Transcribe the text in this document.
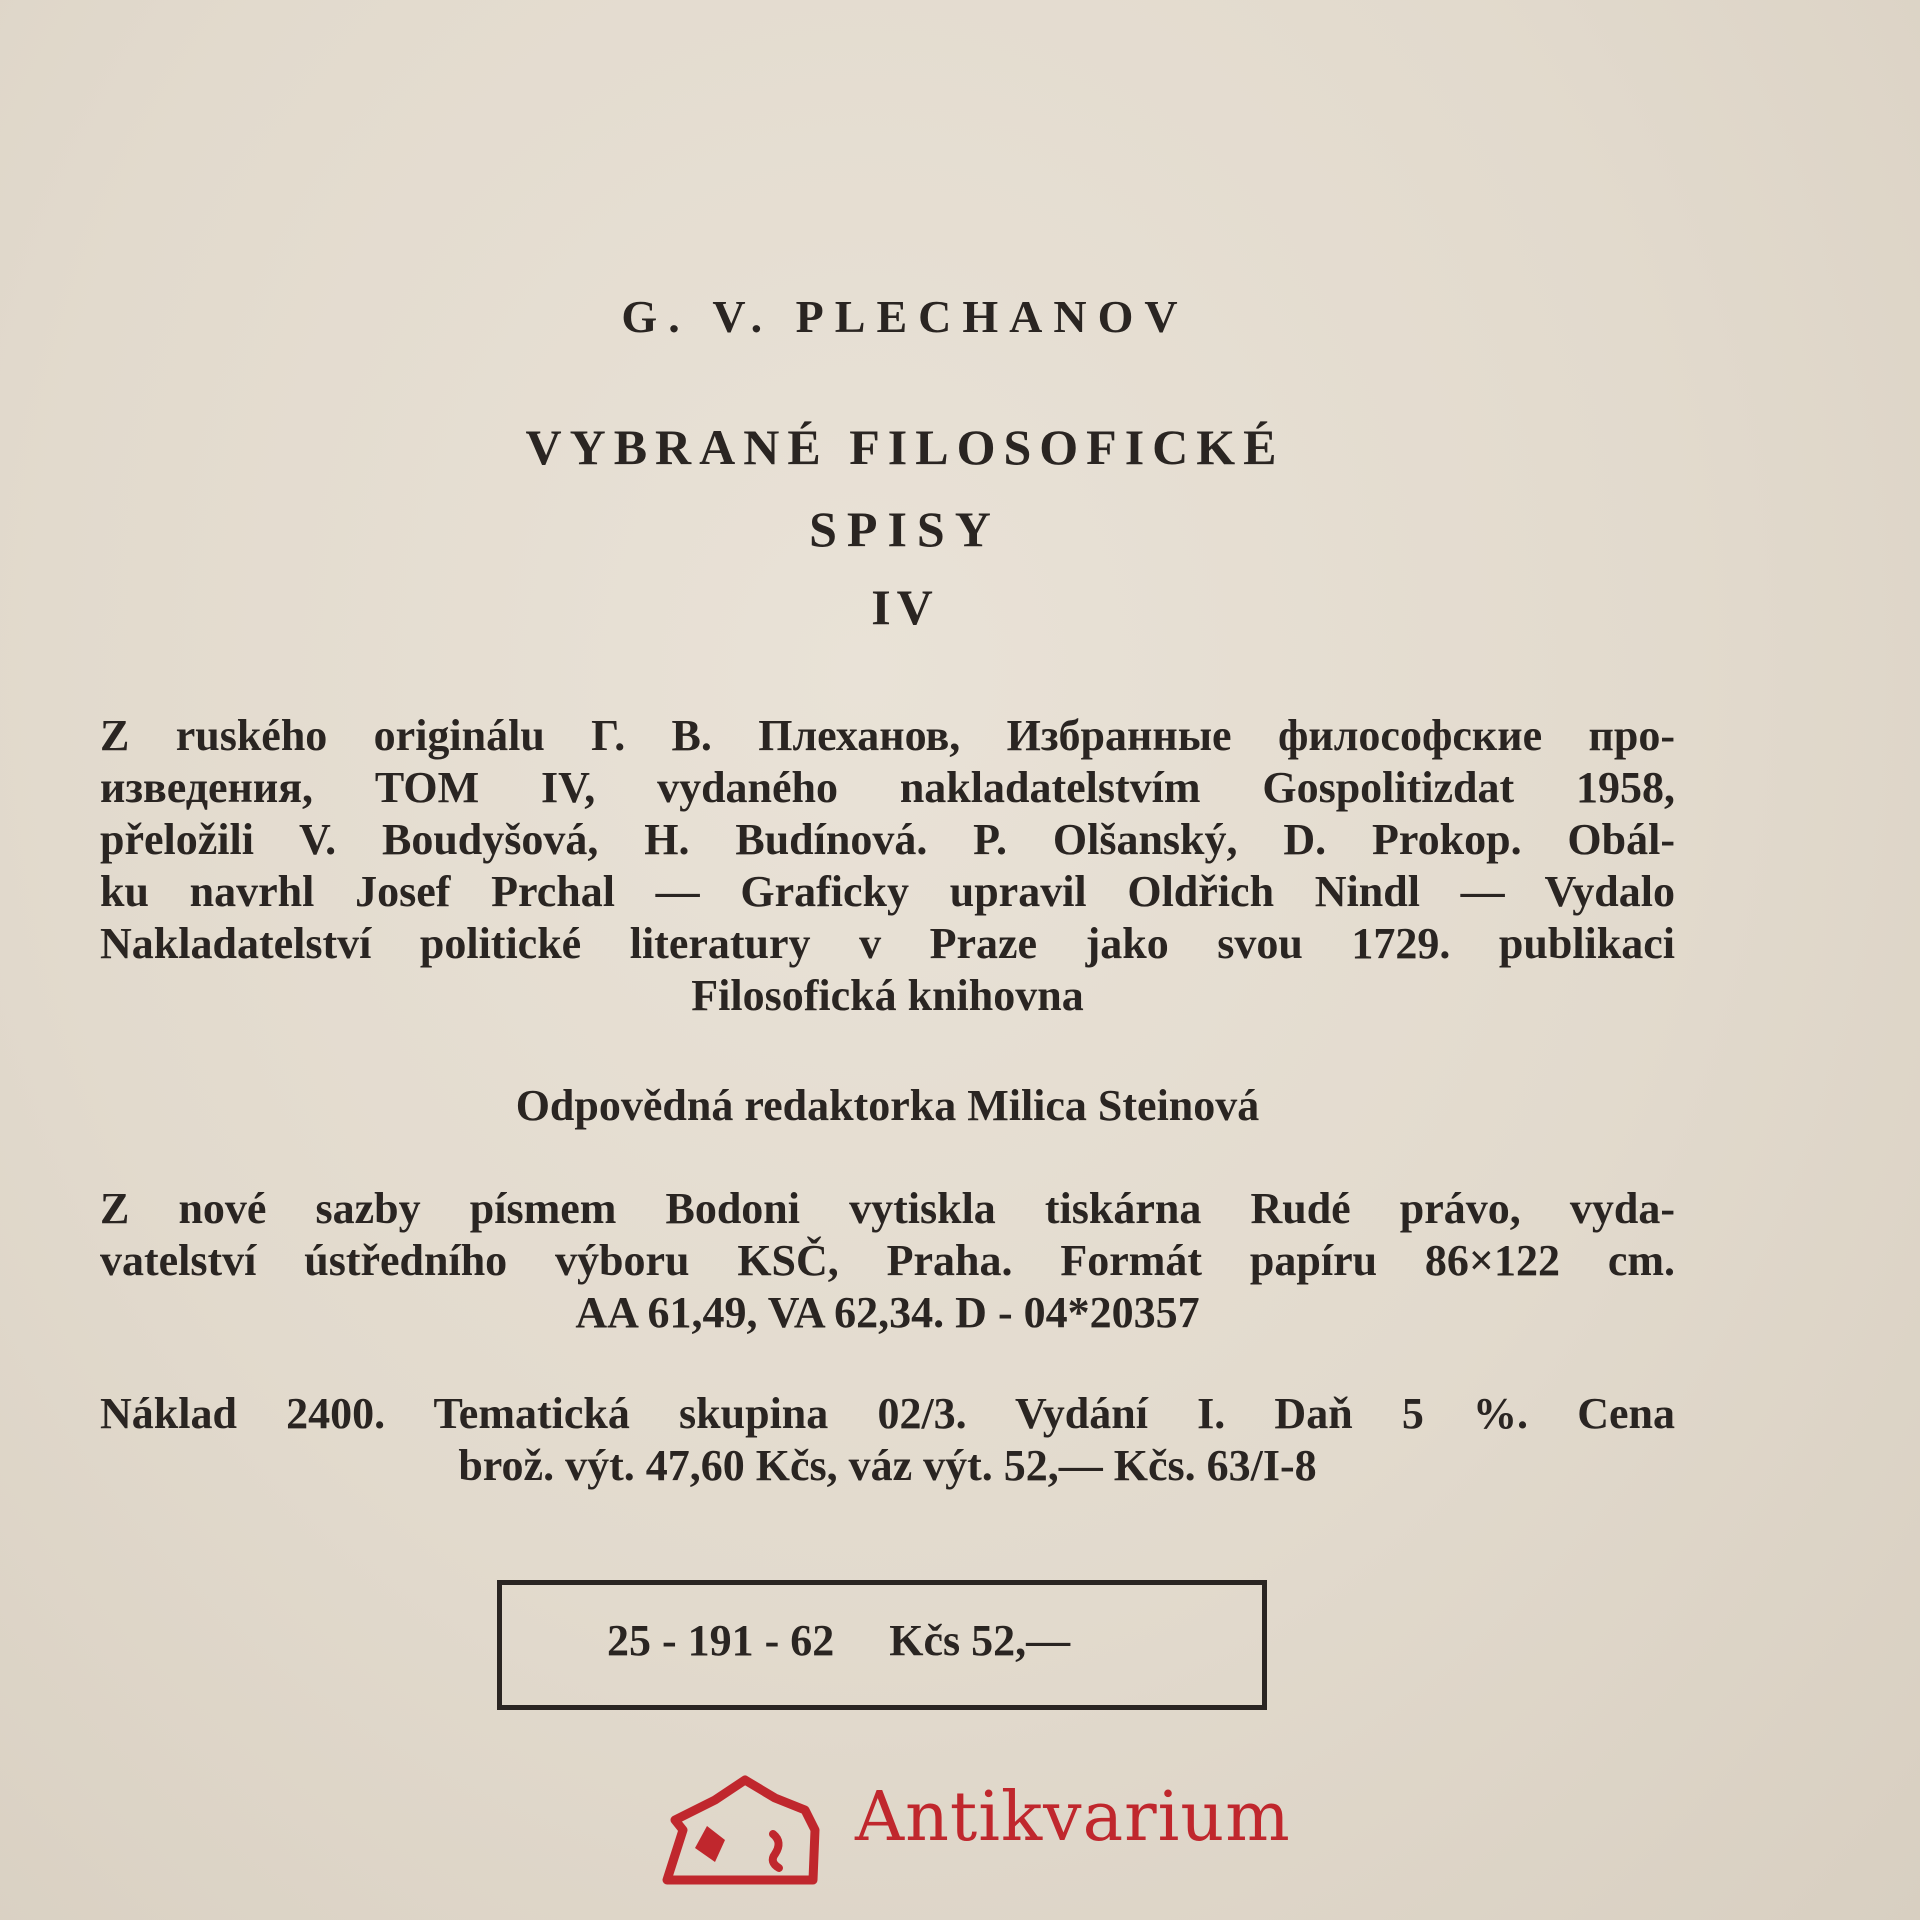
G. V. PLECHANOV
VYBRANÉ FILOSOFICKÉ
SPISY
IV
Z ruského originálu Г. В. Плеханов, Избранные философские про-
изведения, TOM IV, vydaného nakladatelstvím Gospolitizdat 1958,
přeložili V. Boudyšová, H. Budínová. P. Olšanský, D. Prokop. Obál-
ku navrhl Josef Prchal — Graficky upravil Oldřich Nindl — Vydalo
Nakladatelství politické literatury v Praze jako svou 1729. publikaci
Filosofická knihovna
Odpovědná redaktorka Milica Steinová
Z nové sazby písmem Bodoni vytiskla tiskárna Rudé právo, vyda-
vatelství ústředního výboru KSČ, Praha. Formát papíru 86×122 cm.
AA 61,49, VA 62,34. D - 04*20357
Náklad 2400. Tematická skupina 02/3. Vydání I. Daň 5 %. Cena
brož. výt. 47,60 Kčs, váz výt. 52,— Kčs. 63/I-8
25 - 191 - 62     Kčs 52,—
Antikvarium
